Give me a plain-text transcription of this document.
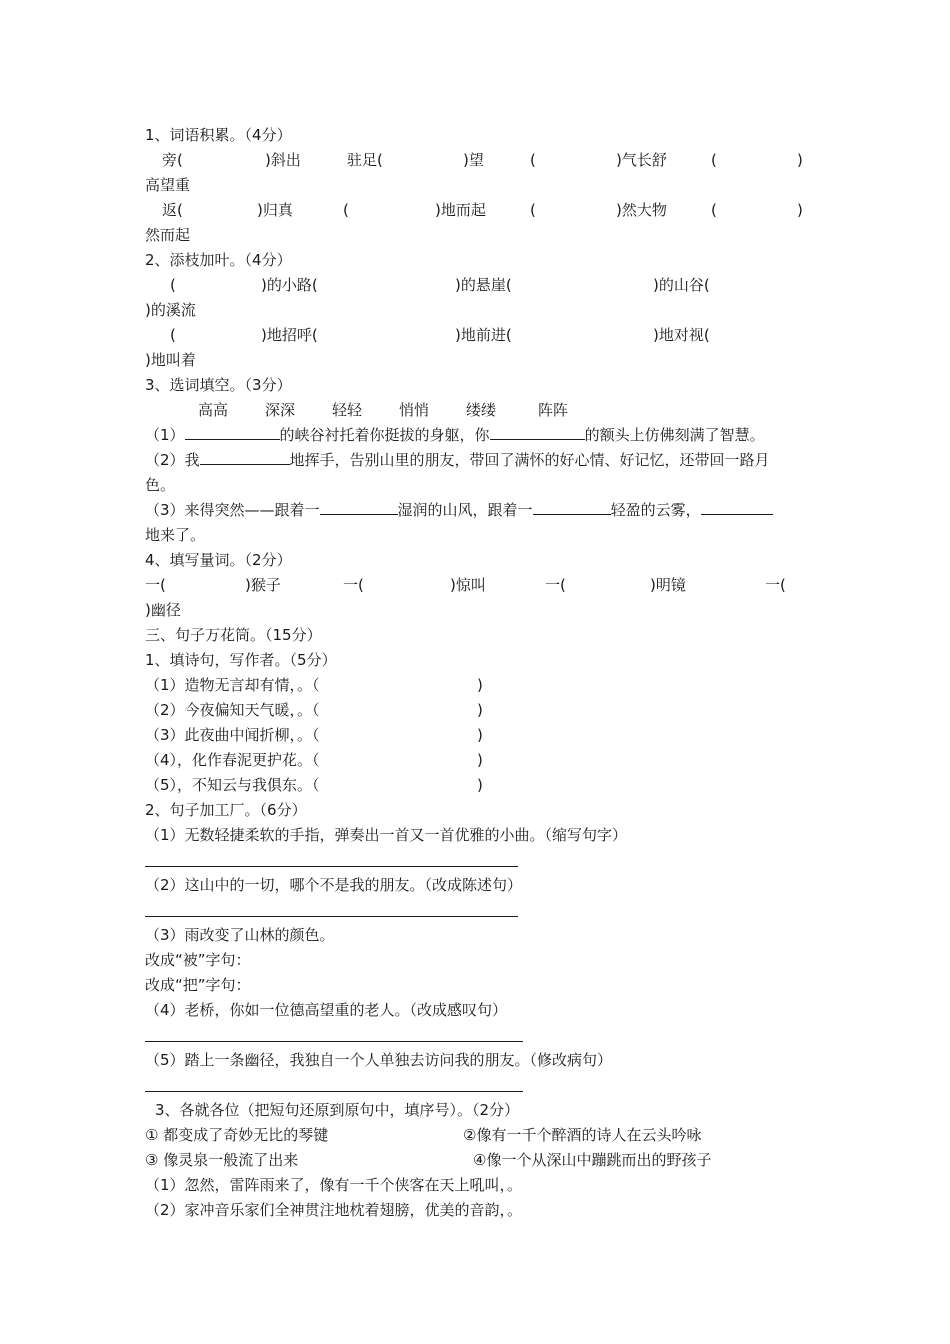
1、词语积累。（4分）
旁(	)斜出	驻足(	)望	(	)气长舒	(	)
高望重
返(	)归真	(	)地而起	(	)然大物	(	)
然而起
2、添枝加叶。（4分）
(	)的小路(	)的悬崖(	)的山谷(
)的溪流
(	)地招呼(	)地前进(	)地对视(
)地叫着
3、选词填空。（3分）
高高 深深 轻轻 悄悄 缕缕	阵阵
（1）	的峡谷衬托着你挺拔的身躯，你	的额头上仿佛刻满了智慧。
（2）我	地挥手，告别山里的朋友，带回了满怀的好心情、好记忆，还带回一路月
色。
（3）来得突然——跟着一	湿润的山风，跟着一	轻盈的云雾，
地来了。
4、填写量词。（2分）
一(	)猴子	一(	)惊叫	一(	)明镜	一(
)幽径
三、句子万花筒。（15分）
1、填诗句，写作者。（5分）
（1）造物无言却有情，。（	)
（2）今夜偏知天气暖，。（	)
（3）此夜曲中闻折柳，。（	)
（4），化作春泥更护花。（	)
（5），不知云与我俱东。（	)
2、句子加工厂。（6分）
（1）无数轻捷柔软的手指，弹奏出一首又一首优雅的小曲。（缩写句字）
（2）这山中的一切，哪个不是我的朋友。（改成陈述句）
（3）雨改变了山林的颜色。
改成“被”字句：
改成“把”字句：
（4）老桥，你如一位德高望重的老人。（改成感叹句）
（5）踏上一条幽径，我独自一个人单独去访问我的朋友。（修改病句）
3、各就各位（把短句还原到原句中，填序号）。（2分）
① 都变成了奇妙无比的琴键	②像有一千个醉酒的诗人在云头吟咏
③ 像灵泉一般流了出来	④像一个从深山中蹦跳而出的野孩子
（1）忽然，雷阵雨来了，像有一千个侠客在天上吼叫，。
（2）家冲音乐家们全神贯注地枕着翅膀，优美的音韵，。
